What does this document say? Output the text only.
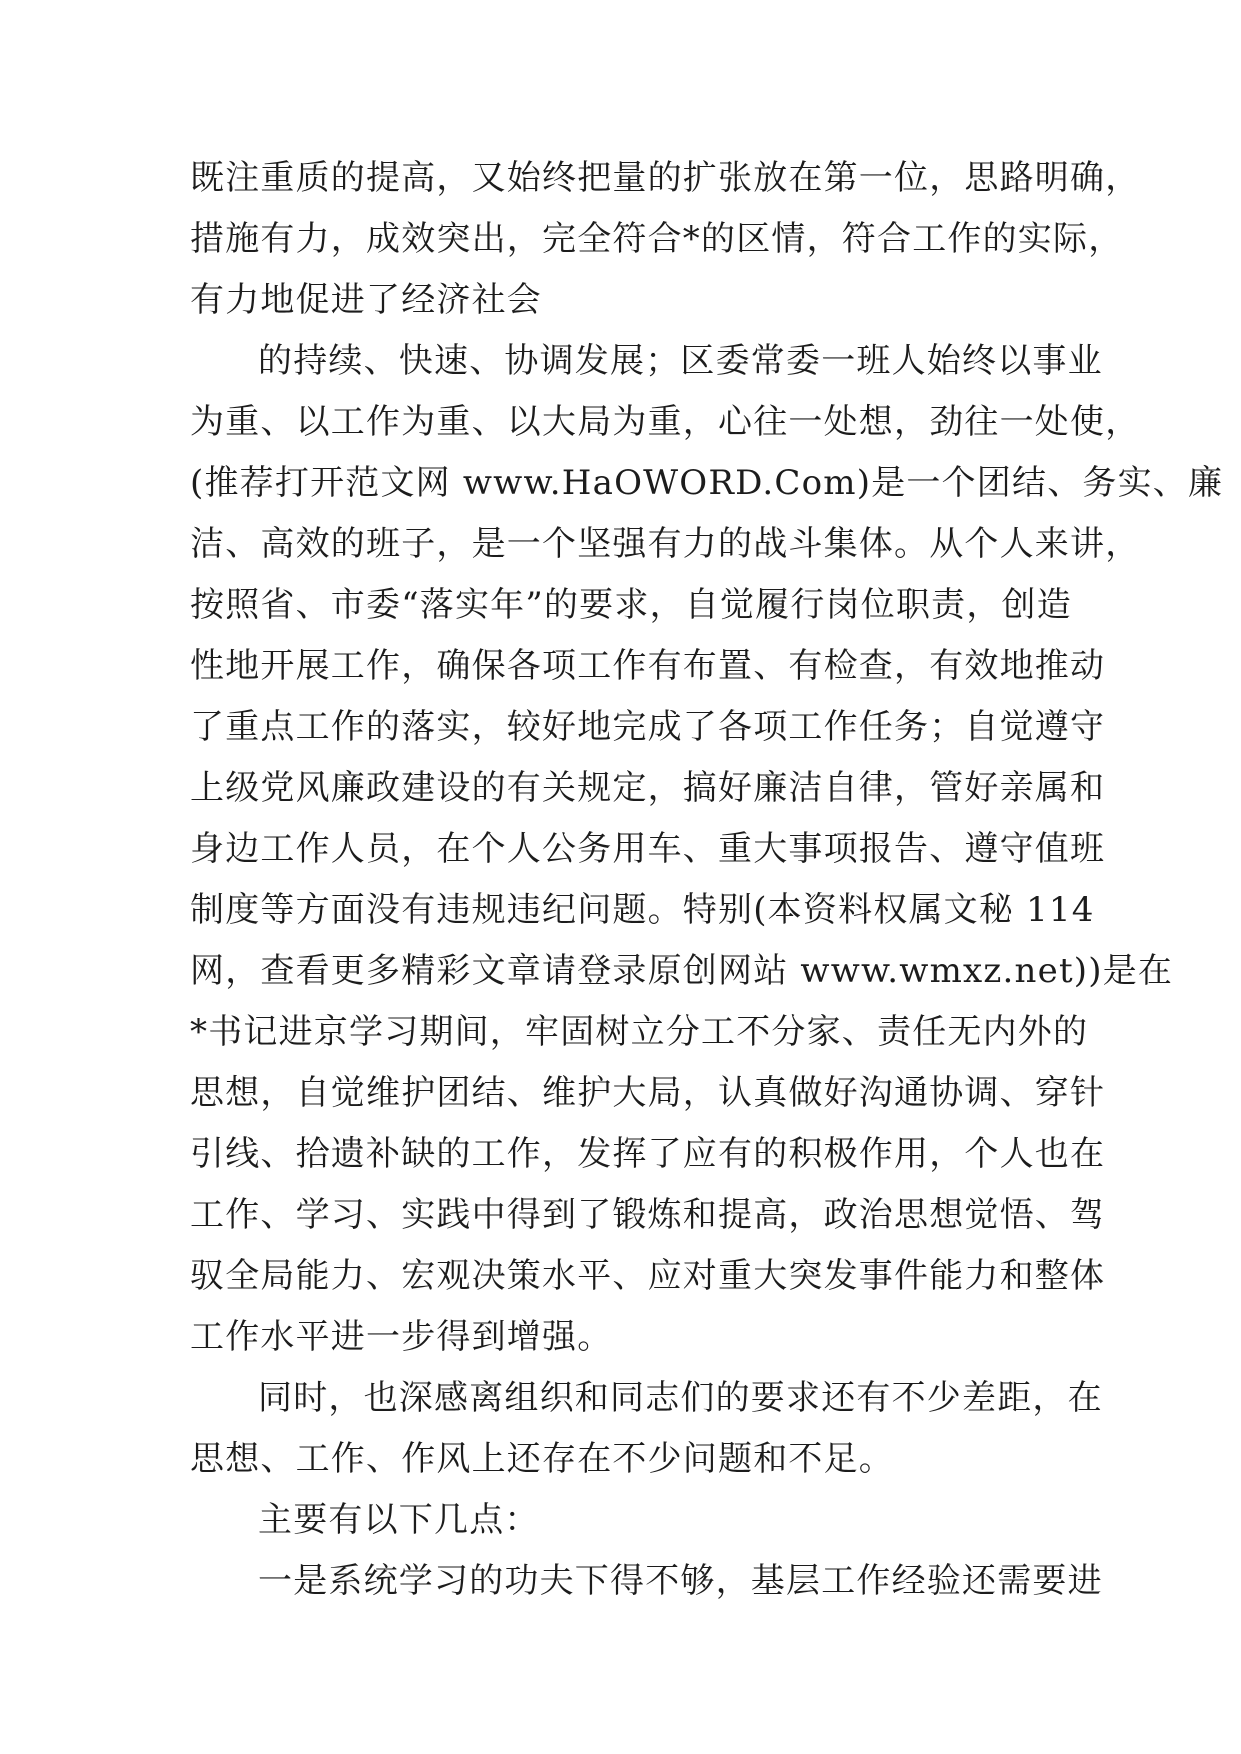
既注重质的提高，又始终把量的扩张放在第一位，思路明确，
措施有力，成效突出，完全符合*的区情，符合工作的实际，
有力地促进了经济社会
的持续、快速、协调发展；区委常委一班人始终以事业
为重、以工作为重、以大局为重，心往一处想，劲往一处使，
(推荐打开范文网 www.HaOWORD.Com)是一个团结、务实、廉
洁、高效的班子，是一个坚强有力的战斗集体。从个人来讲，
按照省、市委“落实年”的要求，自觉履行岗位职责，创造
性地开展工作，确保各项工作有布置、有检查，有效地推动
了重点工作的落实，较好地完成了各项工作任务；自觉遵守
上级党风廉政建设的有关规定，搞好廉洁自律，管好亲属和
身边工作人员，在个人公务用车、重大事项报告、遵守值班
制度等方面没有违规违纪问题。特别(本资料权属文秘 114
网，查看更多精彩文章请登录原创网站 www.wmxz.net))是在
*书记进京学习期间，牢固树立分工不分家、责任无内外的
思想，自觉维护团结、维护大局，认真做好沟通协调、穿针
引线、拾遗补缺的工作，发挥了应有的积极作用，个人也在
工作、学习、实践中得到了锻炼和提高，政治思想觉悟、驾
驭全局能力、宏观决策水平、应对重大突发事件能力和整体
工作水平进一步得到增强。
同时，也深感离组织和同志们的要求还有不少差距，在
思想、工作、作风上还存在不少问题和不足。
主要有以下几点：
一是系统学习的功夫下得不够，基层工作经验还需要进
